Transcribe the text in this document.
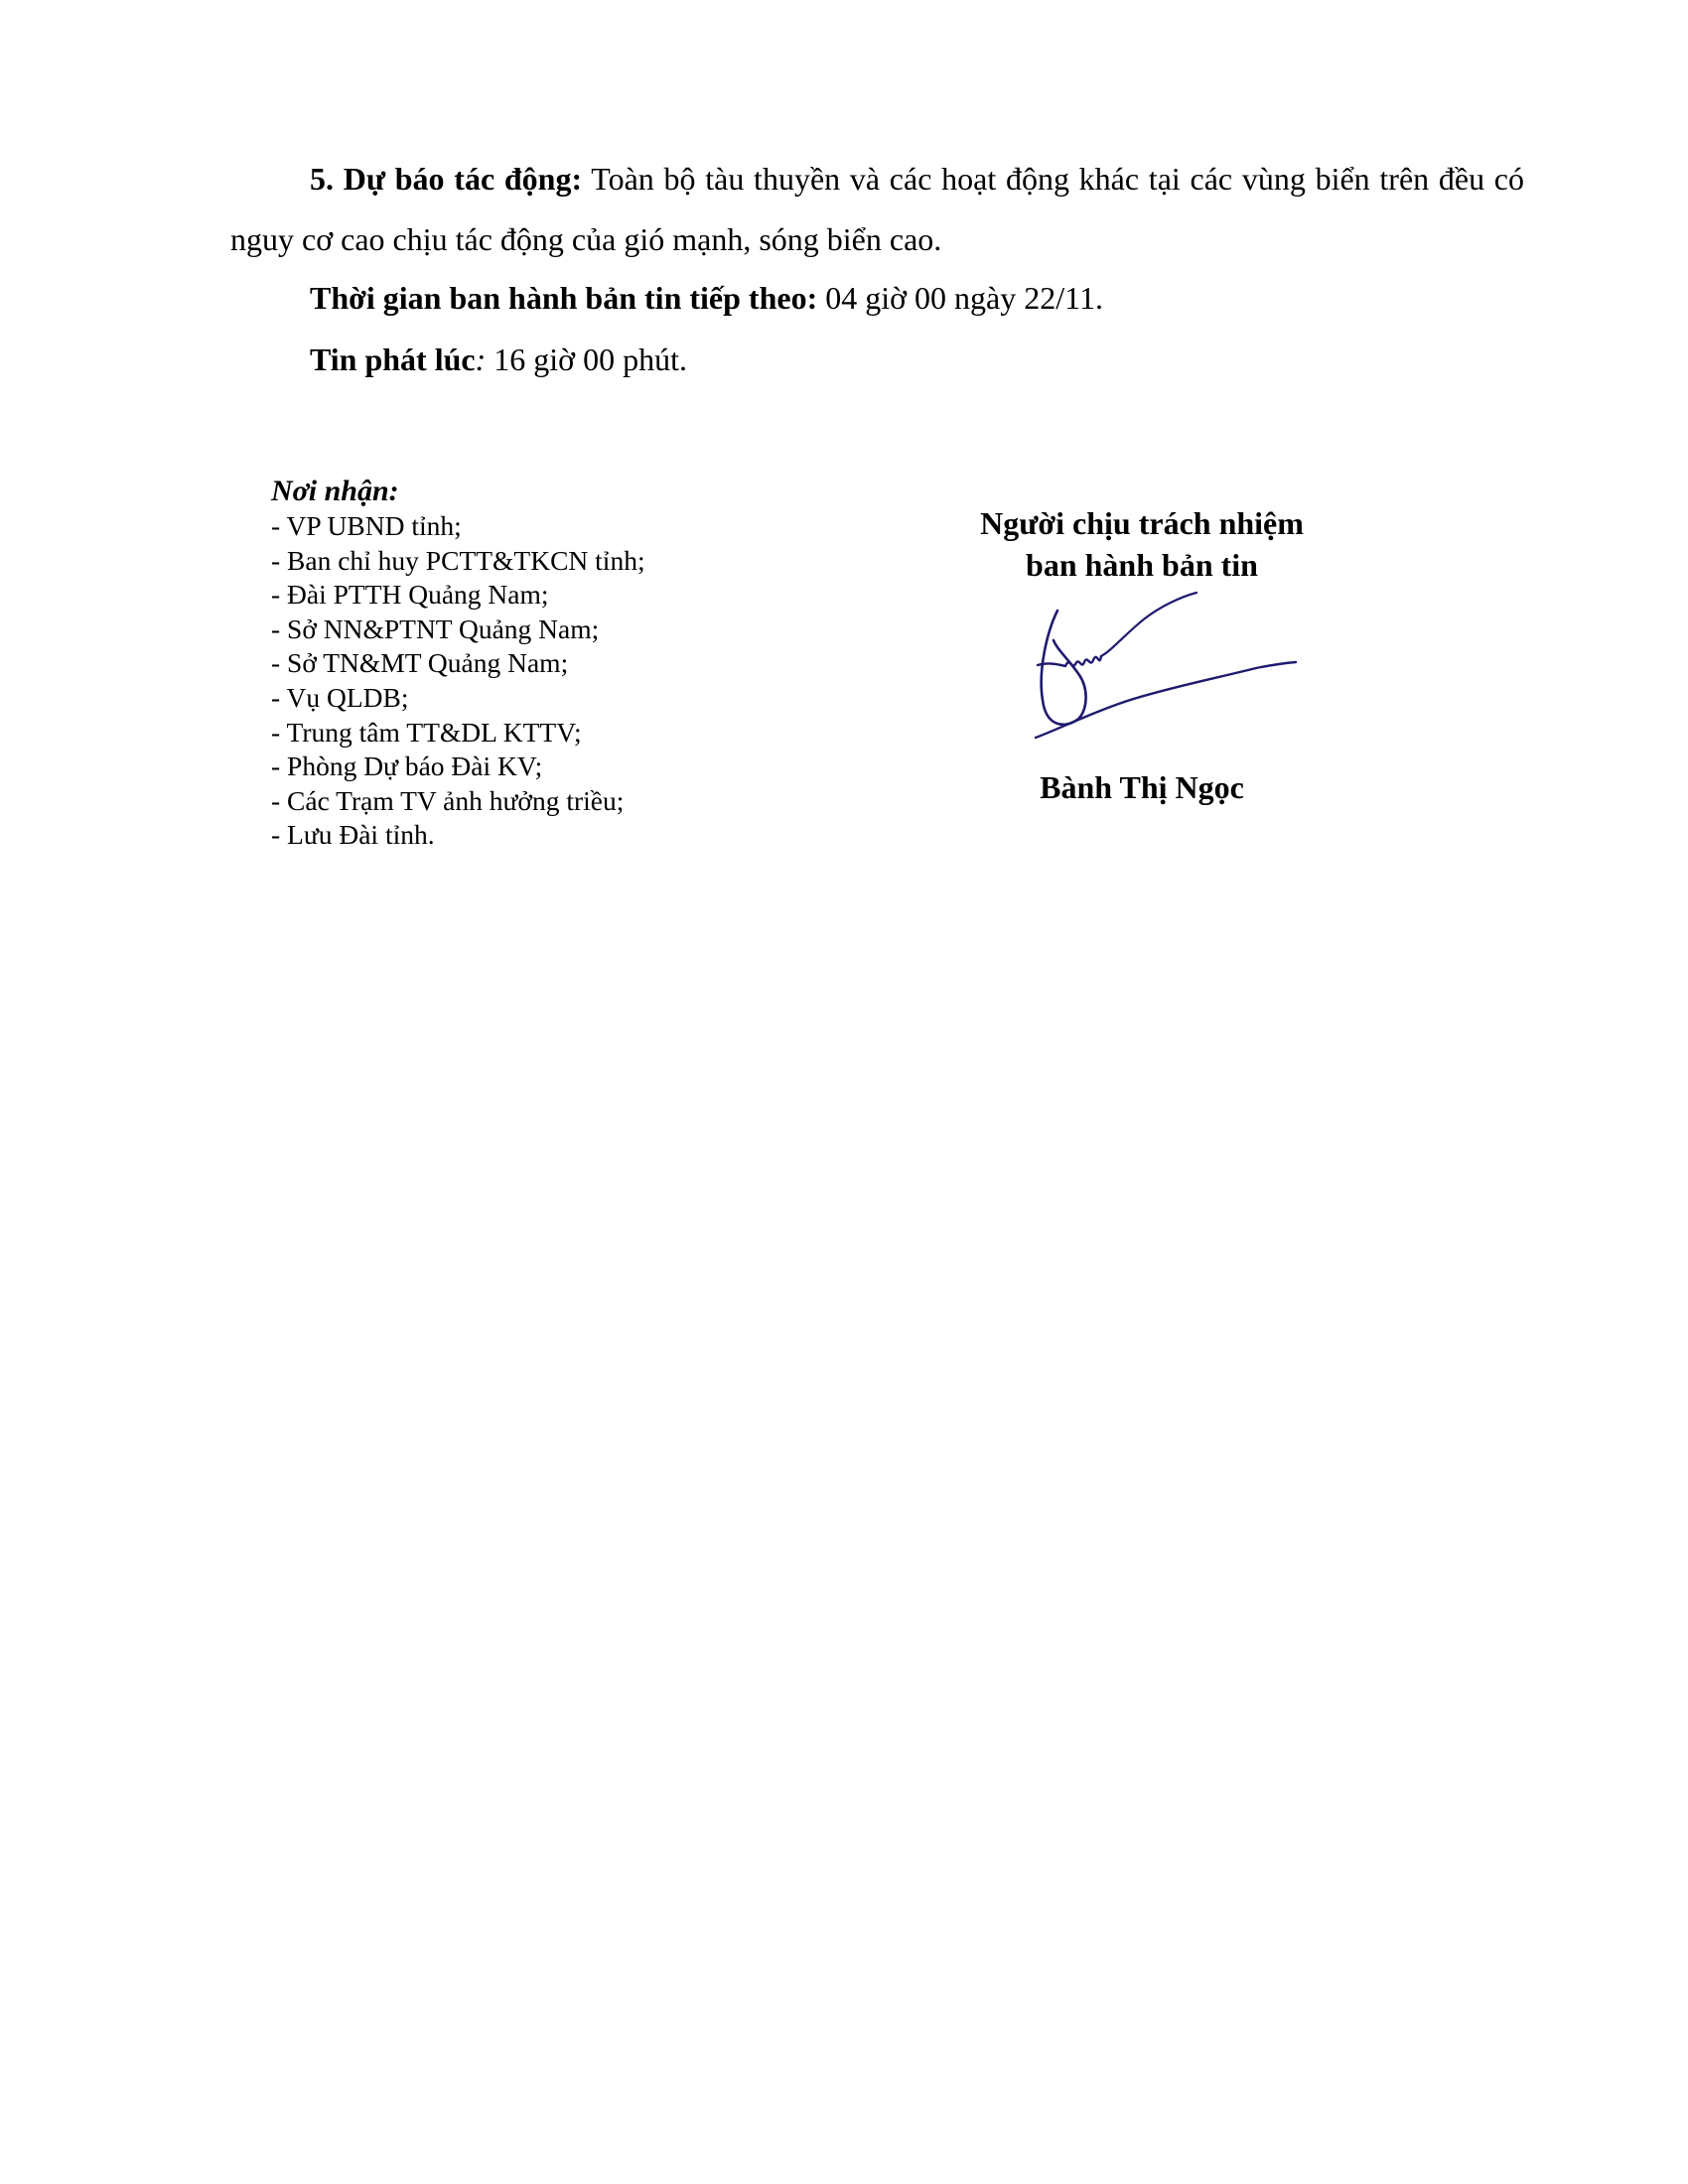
5. Dự báo tác động: Toàn bộ tàu thuyền và các hoạt động khác tại các vùng biển trên đều có nguy cơ cao chịu tác động của gió mạnh, sóng biển cao.

Thời gian ban hành bản tin tiếp theo: 04 giờ 00 ngày 22/11.

Tin phát lúc: 16 giờ 00 phút.

Nơi nhận:
- VP UBND tỉnh;
- Ban chỉ huy PCTT&TKCN tỉnh;
- Đài PTTH Quảng Nam;
- Sở NN&PTNT Quảng Nam;
- Sở TN&MT Quảng Nam;
- Vụ QLDB;
- Trung tâm TT&DL KTTV;
- Phòng Dự báo Đài KV;
- Các Trạm TV ảnh hưởng triều;
- Lưu Đài tỉnh.
Người chịu trách nhiệm
ban hành bản tin
Bành Thị Ngọc
